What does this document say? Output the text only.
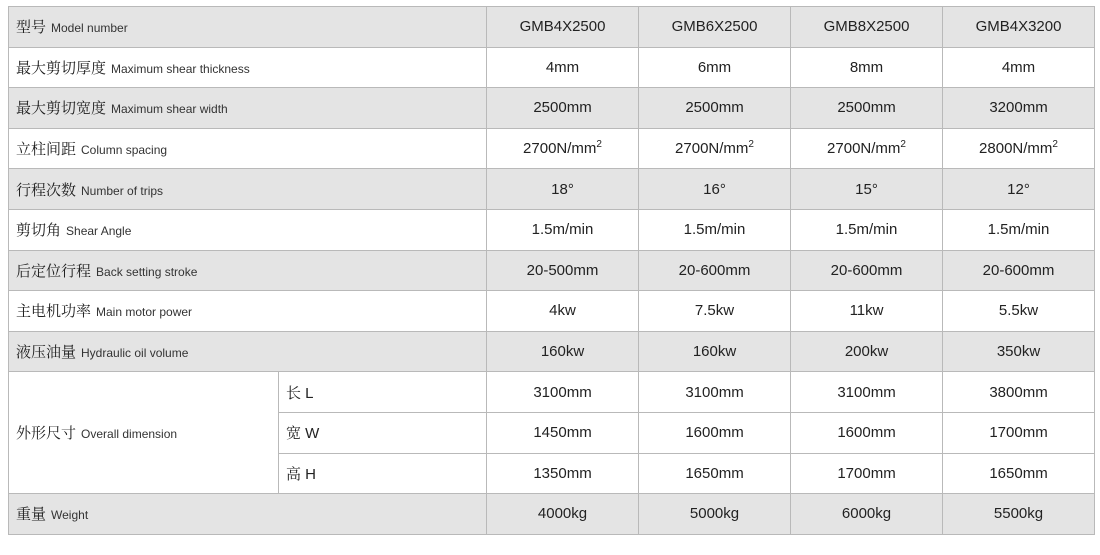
型号 Model number		GMB4X2500	GMB6X2500	GMB8X2500	GMB4X3200
最大剪切厚度 Maximum shear thickness		4mm	6mm	8mm	4mm
最大剪切宽度 Maximum shear width		2500mm	2500mm	2500mm	3200mm
立柱间距 Column spacing		$2700N/mm^2$	$2700N/mm^2$	$2700N/mm^2$	$2800N/mm^2$
行程次数 Number of trips		18°	16°	15°	12°
剪切角 Shear Angle		1.5m/min	1.5m/min	1.5m/min	1.5m/min
后定位行程 Back setting stroke		20-500mm	20-600mm	20-600mm	20-600mm
主电机功率 Main motor power		4kw	7.5kw	11kw	5.5kw
液压油量 Hydraulic oil volume		160kw	160kw	200kw	350kw
外形尺寸 Overall dimension	长 L	3100mm	3100mm	3100mm	3800mm
	宽 W	1450mm	1600mm	1600mm	1700mm
	高 H	1350mm	1650mm	1700mm	1650mm
重量 Weight		4000kg	5000kg	6000kg	5500kg
